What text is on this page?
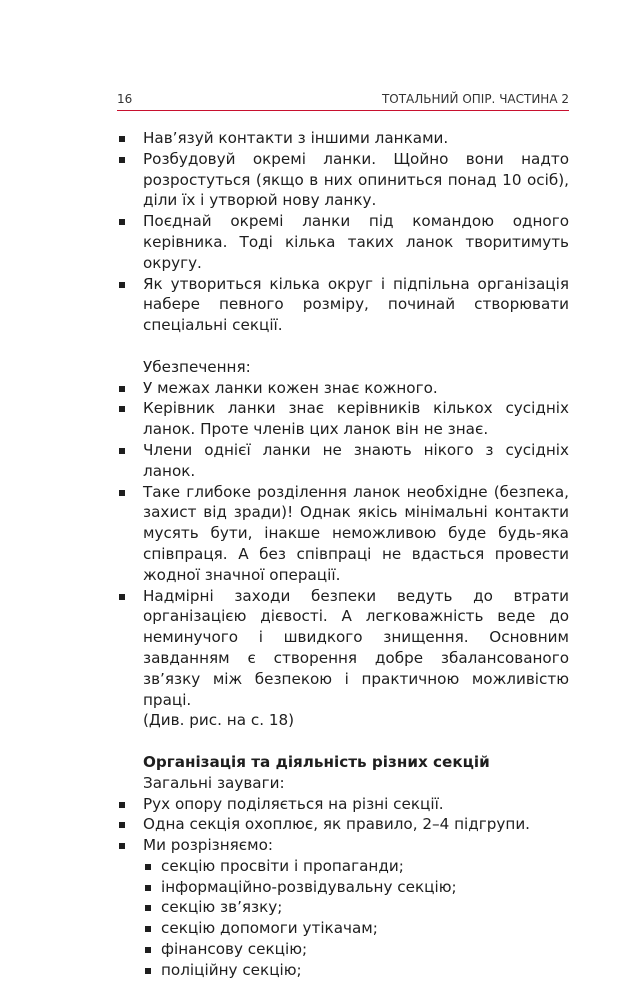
16	ТОТАЛЬНИЙ ОПІР. ЧАСТИНА 2
Нав’язуй контакти з іншими ланками.
Розбудовуй окремі ланки. Щойно вони надто розростуться (якщо в них опиниться понад 10 осіб), діли їх і утворюй нову ланку.
Поєднай окремі ланки під командою одного керівника. Тоді кілька таких ланок творитимуть округу.
Як утвориться кілька округ і підпільна організація набере певного розміру, починай створювати спеціальні секції.
Убезпечення:
У межах ланки кожен знає кожного.
Керівник ланки знає керівників кількох сусідніх ланок. Проте членів цих ланок він не знає.
Члени однієї ланки не знають нікого з сусідніх ланок.
Таке глибоке розділення ланок необхідне (безпека, захист від зради)! Однак якісь мінімальні контакти мусять бути, інакше неможливою буде будь-яка співпраця. А без співпраці не вдасться провести жодної значної операції.
Надмірні заходи безпеки ведуть до втрати організацією дієвості. А легковажність веде до неминучого і швидкого знищення. Основним завданням є створення добре збалансованого зв’язку між безпекою і практичною можливістю праці.
(Див. рис. на с. 18)
Організація та діяльність різних секцій
Загальні зауваги:
Рух опору поділяється на різні секції.
Одна секція охоплює, як правило, 2–4 підгрупи.
Ми розрізняємо:
секцію просвіти і пропаганди;
інформаційно-розвідувальну секцію;
секцію зв’язку;
секцію допомоги утікачам;
фінансову секцію;
поліційну секцію;
